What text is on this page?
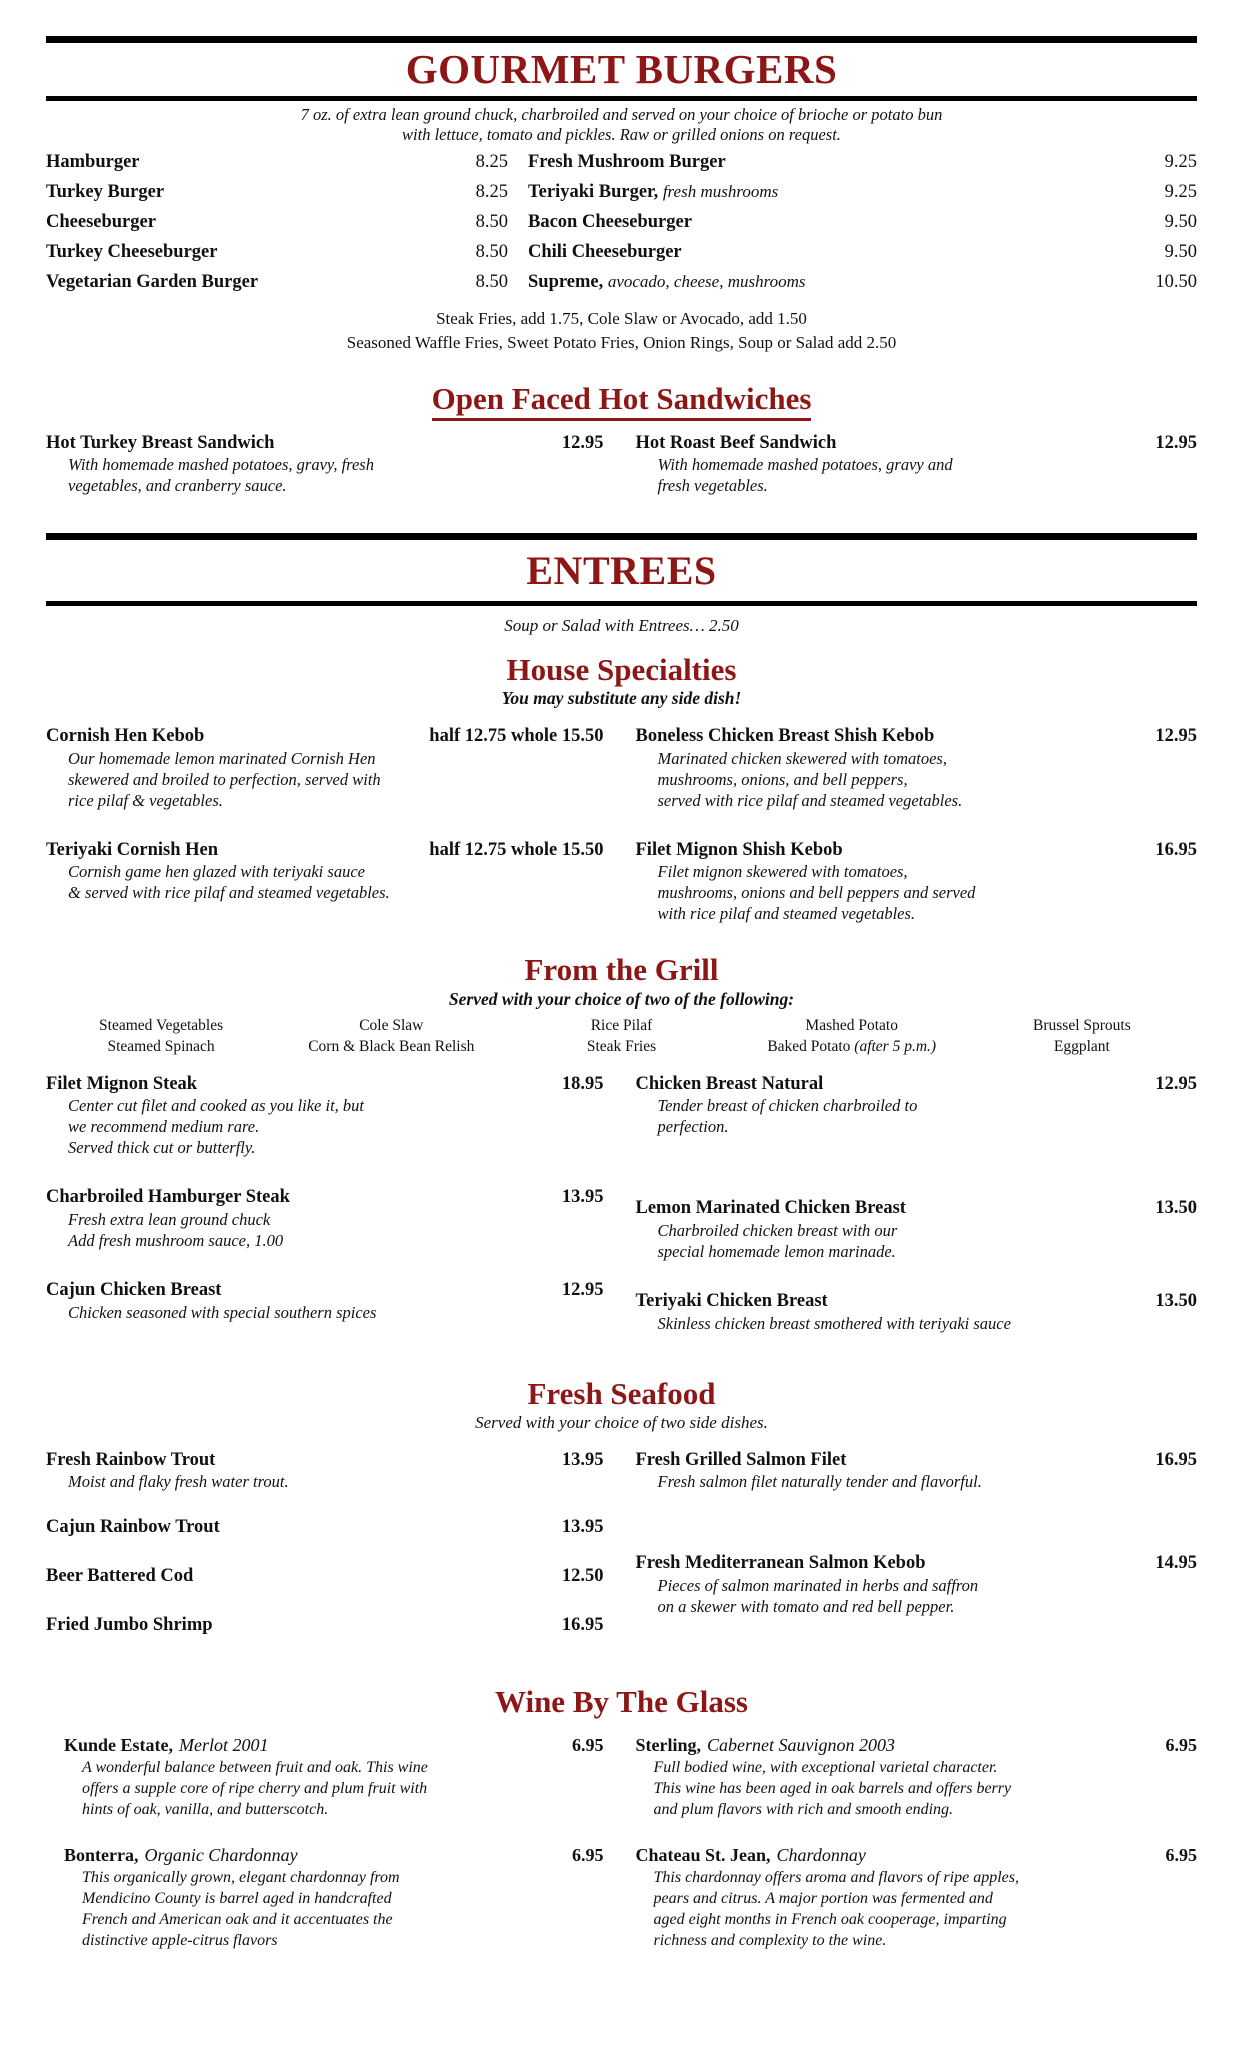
GOURMET BURGERS
7 oz. of extra lean ground chuck, charbroiled and served on your choice of brioche or potato bun
with lettuce, tomato and pickles. Raw or grilled onions on request.
Hamburger	8.25 Fresh Mushroom Burger	9.25
Turkey Burger	8.25 Teriyaki Burger, fresh mushrooms	9.25
Cheeseburger	8.50 Bacon Cheeseburger	9.50
Turkey Cheeseburger	8.50 Chili Cheeseburger	9.50
Vegetarian Garden Burger	8.50 Supreme, avocado, cheese, mushrooms	10.50
Steak Fries, add 1.75, Cole Slaw or Avocado, add 1.50
Seasoned Waffle Fries, Sweet Potato Fries, Onion Rings, Soup or Salad add 2.50
Open Faced Hot Sandwiches
Hot Turkey Breast Sandwich	12.95
With homemade mashed potatoes, gravy, fresh
vegetables, and cranberry sauce.
Hot Roast Beef Sandwich	12.95
With homemade mashed potatoes, gravy and
fresh vegetables.
ENTREES
Soup or Salad with Entrees… 2.50
House Specialties
You may substitute any side dish!
Cornish Hen Kebob	half 12.75 whole 15.50
Our homemade lemon marinated Cornish Hen
skewered and broiled to perfection, served with
rice pilaf & vegetables.
Teriyaki Cornish Hen	half 12.75 whole 15.50
Cornish game hen glazed with teriyaki sauce
& served with rice pilaf and steamed vegetables.
Boneless Chicken Breast Shish Kebob	12.95
Marinated chicken skewered with tomatoes,
mushrooms, onions, and bell peppers,
served with rice pilaf and steamed vegetables.
Filet Mignon Shish Kebob	16.95
Filet mignon skewered with tomatoes,
mushrooms, onions and bell peppers and served
with rice pilaf and steamed vegetables.
From the Grill
Served with your choice of two of the following:
Steamed Vegetables	Cole Slaw	Rice Pilaf	Mashed Potato	Brussel Sprouts
Steamed Spinach	Corn & Black Bean Relish	Steak Fries	Baked Potato (after 5 p.m.)	Eggplant
Filet Mignon Steak	18.95
Center cut filet and cooked as you like it, but
we recommend medium rare.
Served thick cut or butterfly.
Charbroiled Hamburger Steak	13.95
Fresh extra lean ground chuck
Add fresh mushroom sauce, 1.00
Cajun Chicken Breast	12.95
Chicken seasoned with special southern spices
Chicken Breast Natural	12.95
Tender breast of chicken charbroiled to
perfection.
Lemon Marinated Chicken Breast	13.50
Charbroiled chicken breast with our
special homemade lemon marinade.
Teriyaki Chicken Breast	13.50
Skinless chicken breast smothered with teriyaki sauce
Fresh Seafood
Served with your choice of two side dishes.
Fresh Rainbow Trout	13.95
Moist and flaky fresh water trout.
Cajun Rainbow Trout	13.95
Beer Battered Cod	12.50
Fried Jumbo Shrimp	16.95
Fresh Grilled Salmon Filet	16.95
Fresh salmon filet naturally tender and flavorful.
Fresh Mediterranean Salmon Kebob	14.95
Pieces of salmon marinated in herbs and saffron
on a skewer with tomato and red bell pepper.
Wine By The Glass
Kunde Estate, Merlot 2001	6.95
A wonderful balance between fruit and oak. This wine
offers a supple core of ripe cherry and plum fruit with
hints of oak, vanilla, and butterscotch.
Bonterra, Organic Chardonnay	6.95
This organically grown, elegant chardonnay from
Mendicino County is barrel aged in handcrafted
French and American oak and it accentuates the
distinctive apple-citrus flavors
Sterling, Cabernet Sauvignon 2003	6.95
Full bodied wine, with exceptional varietal character.
This wine has been aged in oak barrels and offers berry
and plum flavors with rich and smooth ending.
Chateau St. Jean, Chardonnay	6.95
This chardonnay offers aroma and flavors of ripe apples,
pears and citrus. A major portion was fermented and
aged eight months in French oak cooperage, imparting
richness and complexity to the wine.
